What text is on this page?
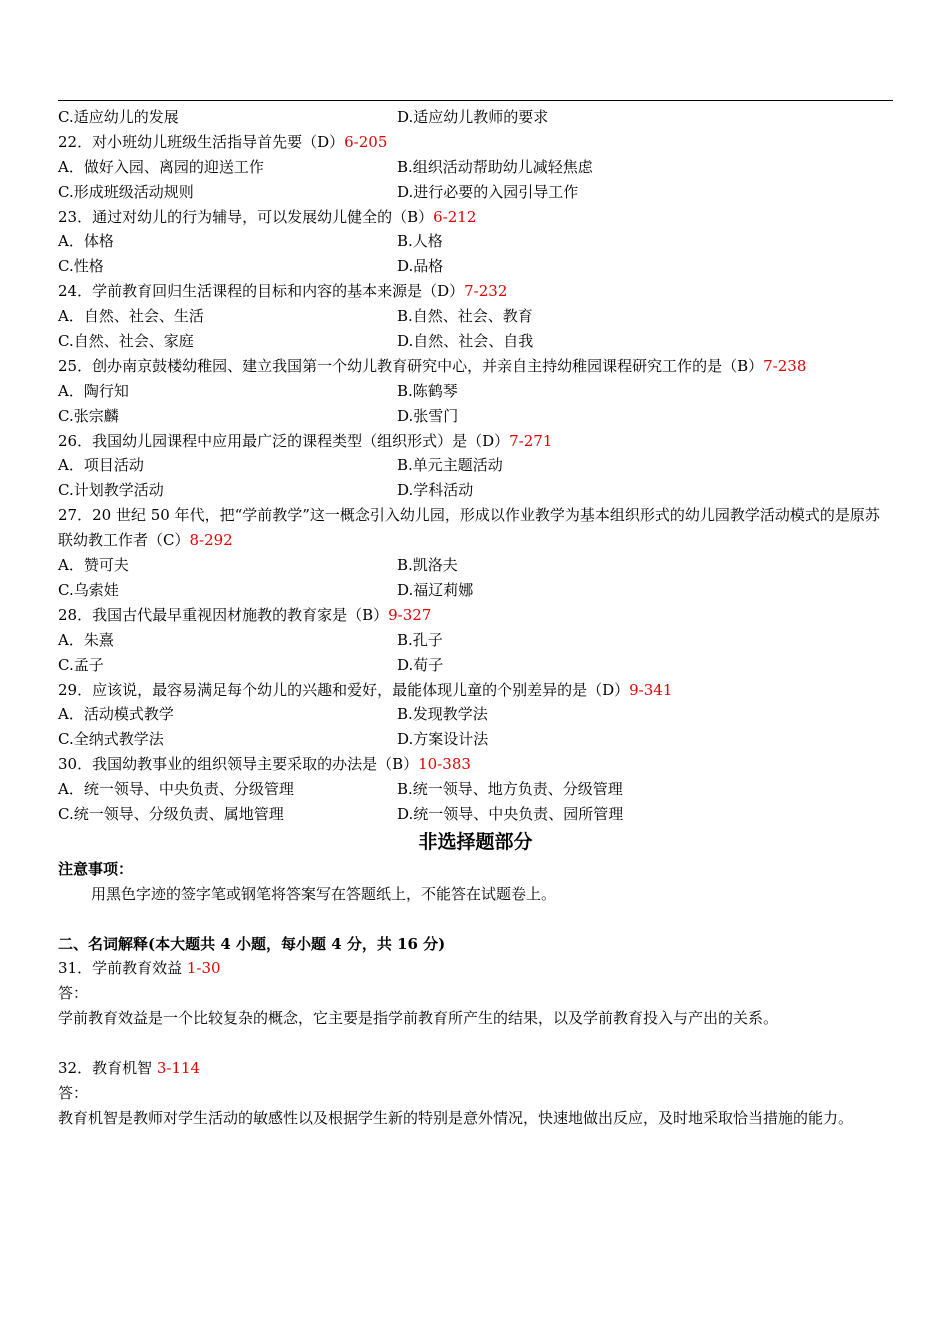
C.适应幼儿的发展	D.适应幼儿教师的要求
22．对小班幼儿班级生活指导首先要（D）6-205
A．做好入园、离园的迎送工作	B.组织活动帮助幼儿减轻焦虑
C.形成班级活动规则	D.进行必要的入园引导工作
23．通过对幼儿的行为辅导，可以发展幼儿健全的（B）6-212
A．体格	B.人格
C.性格	D.品格
24．学前教育回归生活课程的目标和内容的基本来源是（D）7-232
A．自然、社会、生活	B.自然、社会、教育
C.自然、社会、家庭	D.自然、社会、自我
25．创办南京鼓楼幼稚园、建立我国第一个幼儿教育研究中心，并亲自主持幼稚园课程研究工作的是（B）7-238
A．陶行知	B.陈鹤琴
C.张宗麟	D.张雪门
26．我国幼儿园课程中应用最广泛的课程类型（组织形式）是（D）7-271
A．项目活动	B.单元主题活动
C.计划教学活动	D.学科活动
27．20 世纪 50 年代，把“学前教学”这一概念引入幼儿园，形成以作业教学为基本组织形式的幼儿园教学活动模式的是原苏联幼教工作者（C）8-292
A．赞可夫	B.凯洛夫
C.乌索娃	D.福辽莉娜
28．我国古代最早重视因材施教的教育家是（B）9-327
A．朱熹	B.孔子
C.孟子	D.荀子
29．应该说，最容易满足每个幼儿的兴趣和爱好，最能体现儿童的个别差异的是（D）9-341
A．活动模式教学	B.发现教学法
C.全纳式教学法	D.方案设计法
30．我国幼教事业的组织领导主要采取的办法是（B）10-383
A．统一领导、中央负责、分级管理	B.统一领导、地方负责、分级管理
C.统一领导、分级负责、属地管理	D.统一领导、中央负责、园所管理
非选择题部分
注意事项：
用黑色字迹的签字笔或钢笔将答案写在答题纸上，不能答在试题卷上。
二、名词解释(本大题共 4 小题，每小题 4 分，共 16 分)
31．学前教育效益 1-30
答：
学前教育效益是一个比较复杂的概念，它主要是指学前教育所产生的结果，以及学前教育投入与产出的关系。
32．教育机智 3-114
答：
教育机智是教师对学生活动的敏感性以及根据学生新的特别是意外情况，快速地做出反应，及时地采取恰当措施的能力。
